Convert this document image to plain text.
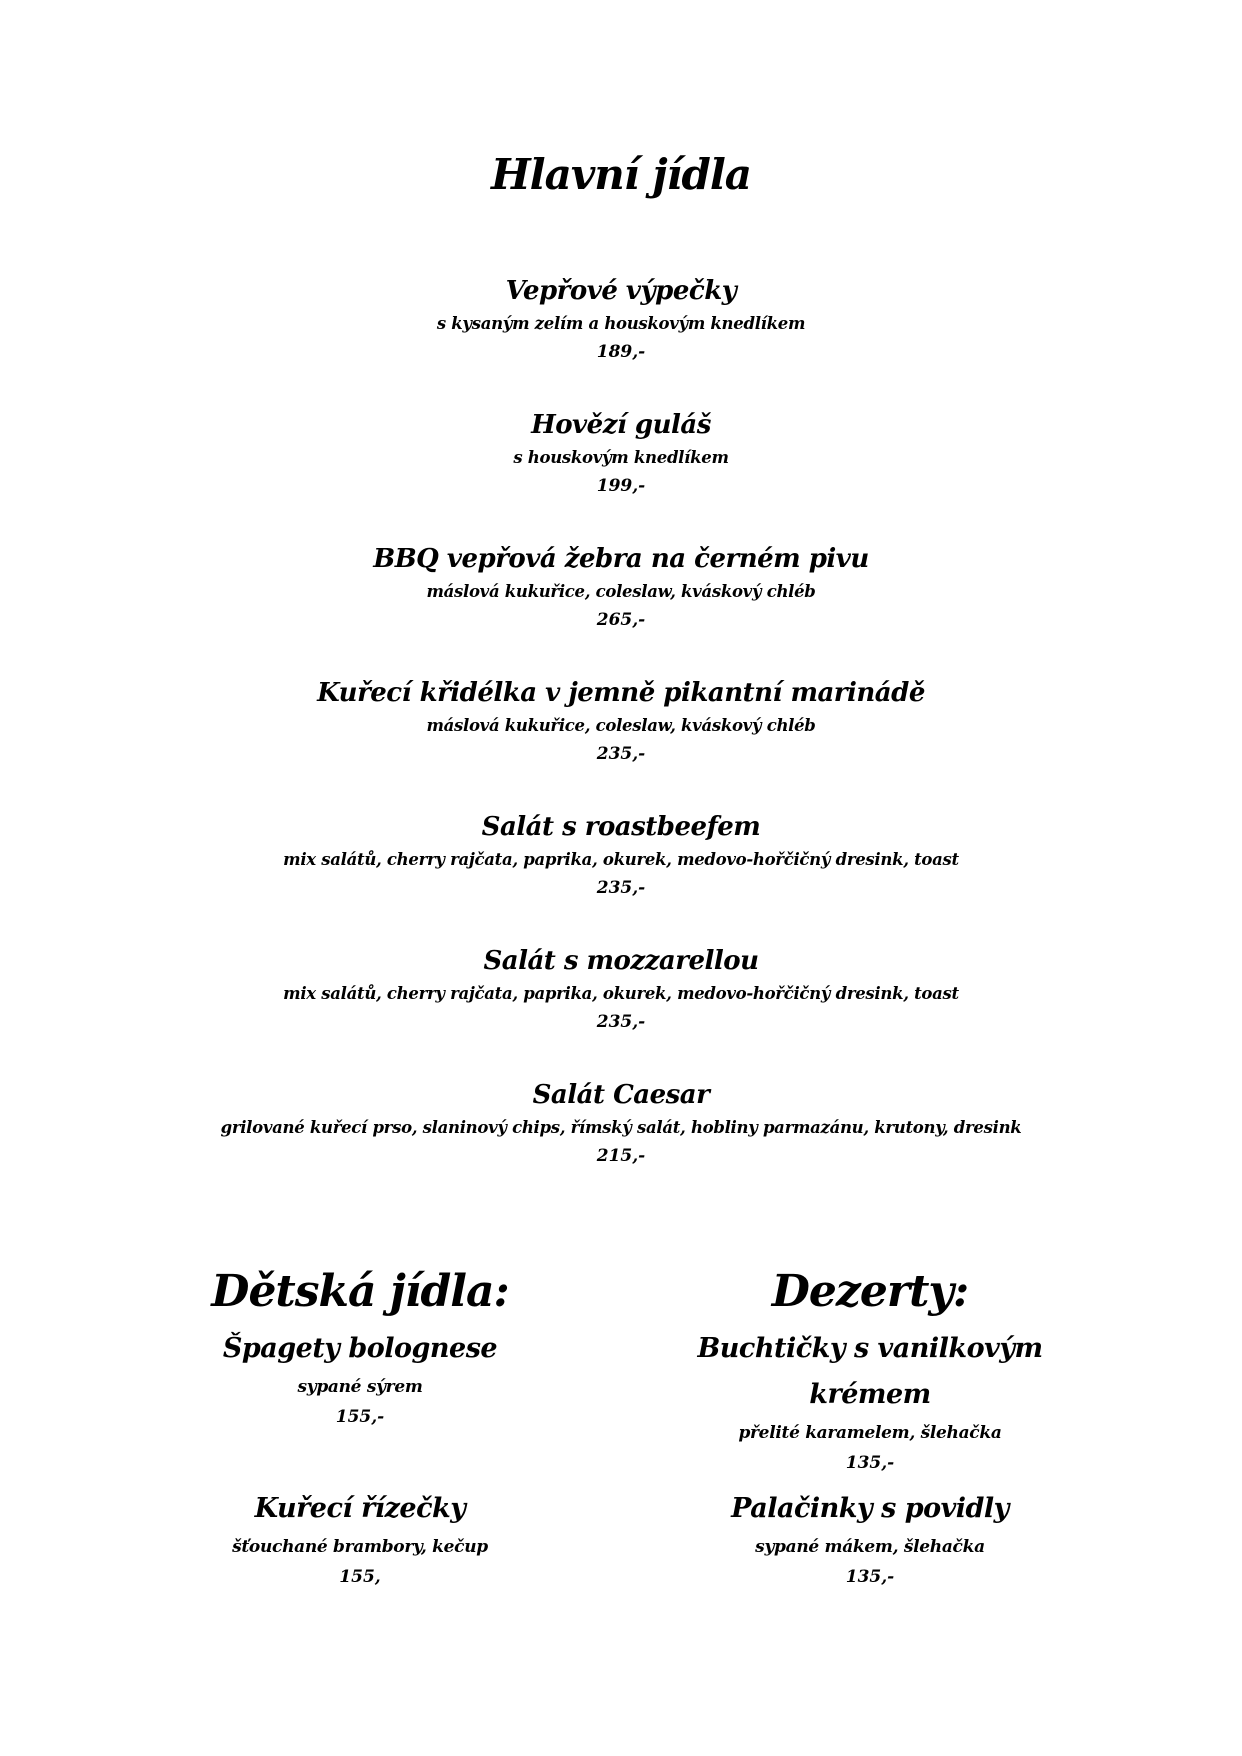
Hlavní jídla
Vepřové výpečky
s kysaným zelím a houskovým knedlíkem
189,-
Hovězí guláš
s houskovým knedlíkem
199,-
BBQ vepřová žebra na černém pivu
máslová kukuřice, coleslaw, kváskový chléb
265,-
Kuřecí křidélka v jemně pikantní marinádě
máslová kukuřice, coleslaw, kváskový chléb
235,-
Salát s roastbeefem
mix salátů, cherry rajčata, paprika, okurek, medovo-hořčičný dresink, toast
235,-
Salát s mozzarellou
mix salátů, cherry rajčata, paprika, okurek, medovo-hořčičný dresink, toast
235,-
Salát Caesar
grilované kuřecí prso, slaninový chips, římský salát, hobliny parmazánu, krutony, dresink
215,-
Dětská jídla:
Špagety bolognese
sypané sýrem
155,-
Kuřecí řízečky
šťouchané brambory, kečup
155,
Dezerty:
Buchtičky s vanilkovým krémem
přelité karamelem, šlehačka
135,-
Palačinky s povidly
sypané mákem, šlehačka
135,-
